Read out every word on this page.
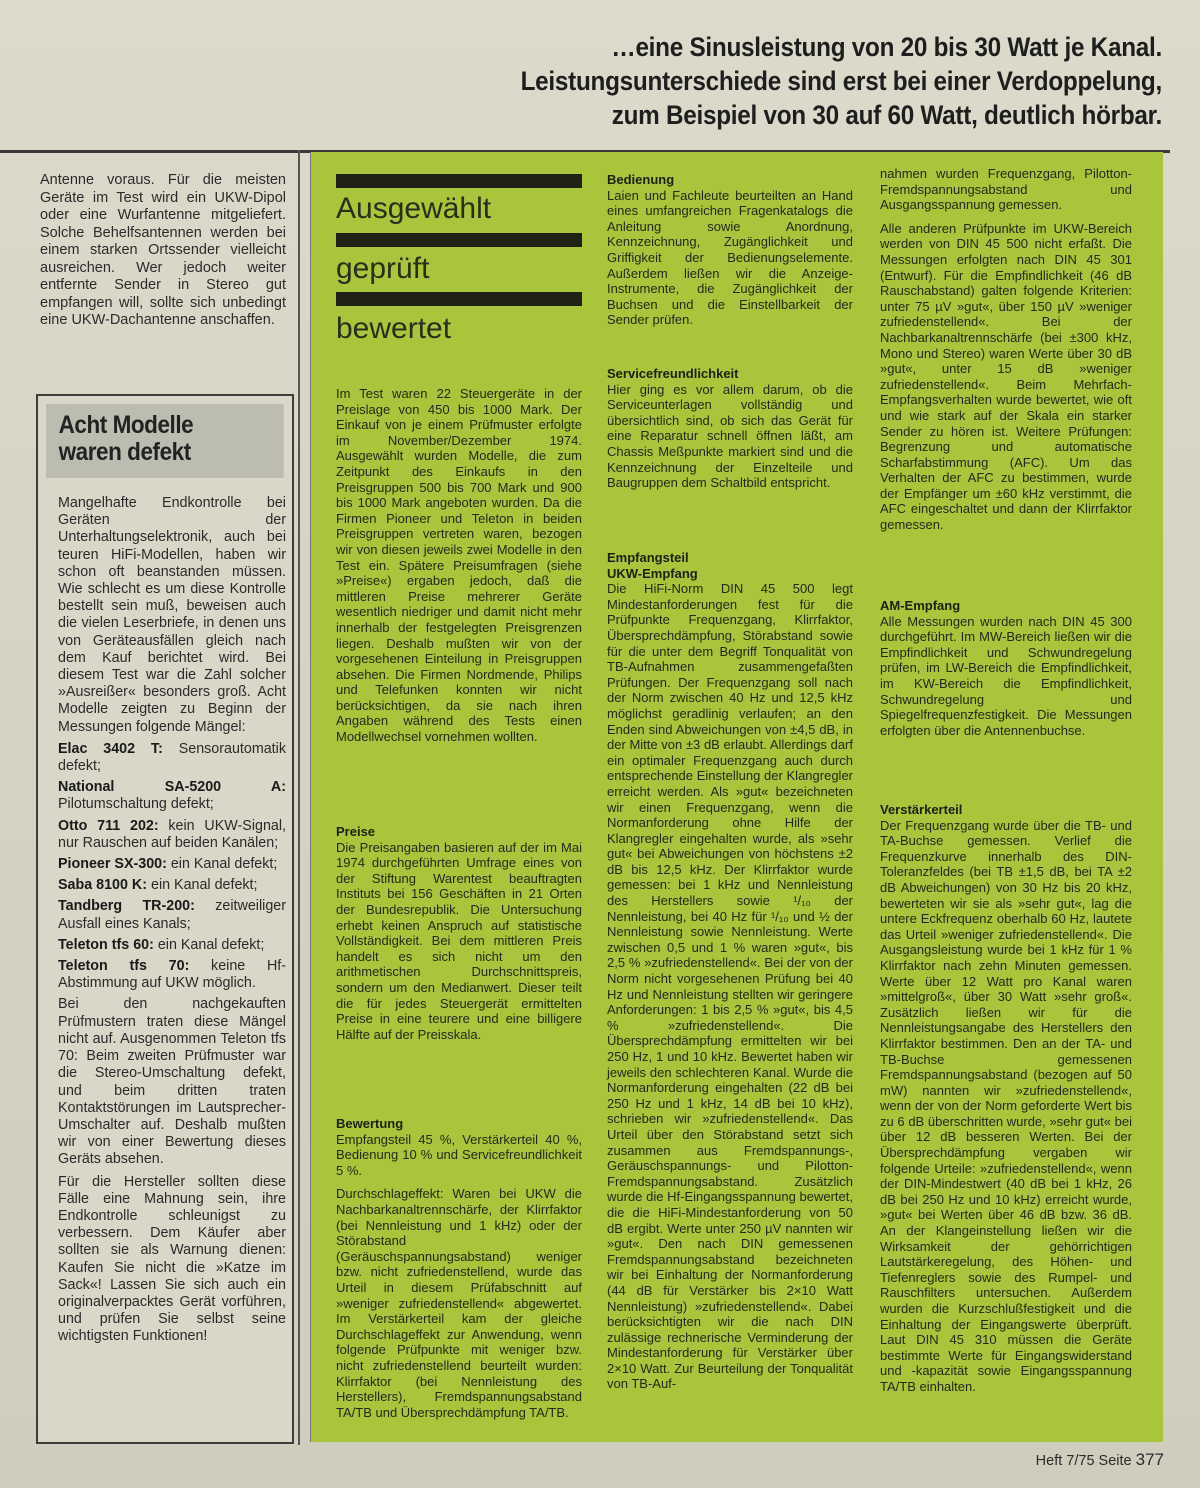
…eine Sinusleistung von 20 bis 30 Watt je Kanal.
Leistungsunterschiede sind erst bei einer Verdoppelung,
zum Beispiel von 30 auf 60 Watt, deutlich hörbar.
Antenne voraus. Für die meisten Geräte im Test wird ein UKW-Dipol oder eine Wurfantenne mitgeliefert. Solche Behelfsantennen werden bei einem starken Ortssender vielleicht ausreichen. Wer jedoch weiter entfernte Sender in Stereo gut empfangen will, sollte sich unbedingt eine UKW-Dachantenne anschaffen.
Acht Modelle
waren defekt

Mangelhafte Endkontrolle bei Geräten der Unterhaltungselektronik, auch bei teuren HiFi-Modellen, haben wir schon oft beanstanden müssen. Wie schlecht es um diese Kontrolle bestellt sein muß, beweisen auch die vielen Leserbriefe, in denen uns von Geräteausfällen gleich nach dem Kauf berichtet wird. Bei diesem Test war die Zahl solcher »Ausreißer« besonders groß. Acht Modelle zeigten zu Beginn der Messungen folgende Mängel:

Elac 3402 T: Sensorautomatik defekt;

National SA-5200 A: Pilotumschaltung defekt;

Otto 711 202: kein UKW-Signal, nur Rauschen auf beiden Kanälen;

Pioneer SX-300: ein Kanal defekt;

Saba 8100 K: ein Kanal defekt;

Tandberg TR-200: zeitweiliger Ausfall eines Kanals;

Teleton tfs 60: ein Kanal defekt;

Teleton tfs 70: keine Hf-Abstimmung auf UKW möglich.

Bei den nachgekauften Prüfmustern traten diese Mängel nicht auf. Ausgenommen Teleton tfs 70: Beim zweiten Prüfmuster war die Stereo-Umschaltung defekt, und beim dritten traten Kontaktstörungen im Lautsprecher-Umschalter auf. Deshalb mußten wir von einer Bewertung dieses Geräts absehen.

Für die Hersteller sollten diese Fälle eine Mahnung sein, ihre Endkontrolle schleunigst zu verbessern. Dem Käufer aber sollten sie als Warnung dienen: Kaufen Sie nicht die »Katze im Sack«! Lassen Sie sich auch ein originalverpacktes Gerät vorführen, und prüfen Sie selbst seine wichtigsten Funktionen!

Ausgewählt
geprüft
bewertet

Im Test waren 22 Steuergeräte in der Preislage von 450 bis 1000 Mark. Der Einkauf von je einem Prüfmuster erfolgte im November/Dezember 1974. Ausgewählt wurden Modelle, die zum Zeitpunkt des Einkaufs in den Preisgruppen 500 bis 700 Mark und 900 bis 1000 Mark angeboten wurden. Da die Firmen Pioneer und Teleton in beiden Preisgruppen vertreten waren, bezogen wir von diesen jeweils zwei Modelle in den Test ein. Spätere Preisumfragen (siehe »Preise«) ergaben jedoch, daß die mittleren Preise mehrerer Geräte wesentlich niedriger und damit nicht mehr innerhalb der festgelegten Preisgrenzen liegen. Deshalb mußten wir von der vorgesehenen Einteilung in Preisgruppen absehen. Die Firmen Nordmende, Philips und Telefunken konnten wir nicht berücksichtigen, da sie nach ihren Angaben während des Tests einen Modellwechsel vornehmen wollten.

Preise

Die Preisangaben basieren auf der im Mai 1974 durchgeführten Umfrage eines von der Stiftung Warentest beauftragten Instituts bei 156 Geschäften in 21 Orten der Bundesrepublik. Die Untersuchung erhebt keinen Anspruch auf statistische Vollständigkeit. Bei dem mittleren Preis handelt es sich nicht um den arithmetischen Durchschnittspreis, sondern um den Medianwert. Dieser teilt die für jedes Steuergerät ermittelten Preise in eine teurere und eine billigere Hälfte auf der Preisskala.

Bewertung

Empfangsteil 45 %, Verstärkerteil 40 %, Bedienung 10 % und Servicefreundlichkeit 5 %.

Durchschlageffekt: Waren bei UKW die Nachbarkanaltrennschärfe, der Klirrfaktor (bei Nennleistung und 1 kHz) oder der Störabstand (Geräuschspannungsabstand) weniger bzw. nicht zufriedenstellend, wurde das Urteil in diesem Prüfabschnitt auf »weniger zufriedenstellend« abgewertet. Im Verstärkerteil kam der gleiche Durchschlageffekt zur Anwendung, wenn folgende Prüfpunkte mit weniger bzw. nicht zufriedenstellend beurteilt wurden: Klirrfaktor (bei Nennleistung des Herstellers), Fremdspannungsabstand TA/TB und Übersprechdämpfung TA/TB.

Bedienung

Laien und Fachleute beurteilten an Hand eines umfangreichen Fragenkatalogs die Anleitung sowie Anordnung, Kennzeichnung, Zugänglichkeit und Griffigkeit der Bedienungselemente. Außerdem ließen wir die Anzeige-Instrumente, die Zugänglichkeit der Buchsen und die Einstellbarkeit der Sender prüfen.

Servicefreundlichkeit

Hier ging es vor allem darum, ob die Serviceunterlagen vollständig und übersichtlich sind, ob sich das Gerät für eine Reparatur schnell öffnen läßt, am Chassis Meßpunkte markiert sind und die Kennzeichnung der Einzelteile und Baugruppen dem Schaltbild entspricht.

Empfangsteil
UKW-Empfang

Die HiFi-Norm DIN 45 500 legt Mindestanforderungen fest für die Prüfpunkte Frequenzgang, Klirrfaktor, Übersprechdämpfung, Störabstand sowie für die unter dem Begriff Tonqualität von TB-Aufnahmen zusammengefaßten Prüfungen. Der Frequenzgang soll nach der Norm zwischen 40 Hz und 12,5 kHz möglichst geradlinig verlaufen; an den Enden sind Abweichungen von ±4,5 dB, in der Mitte von ±3 dB erlaubt. Allerdings darf ein optimaler Frequenzgang auch durch entsprechende Einstellung der Klangregler erreicht werden. Als »gut« bezeichneten wir einen Frequenzgang, wenn die Normanforderung ohne Hilfe der Klangregler eingehalten wurde, als »sehr gut« bei Abweichungen von höchstens ±2 dB bis 12,5 kHz. Der Klirrfaktor wurde gemessen: bei 1 kHz und Nennleistung des Herstellers sowie ¹/₁₀ der Nennleistung, bei 40 Hz für ¹/₁₀ und ½ der Nennleistung sowie Nennleistung. Werte zwischen 0,5 und 1 % waren »gut«, bis 2,5 % »zufriedenstellend«. Bei der von der Norm nicht vorgesehenen Prüfung bei 40 Hz und Nennleistung stellten wir geringere Anforderungen: 1 bis 2,5 % »gut«, bis 4,5 % »zufriedenstellend«. Die Übersprechdämpfung ermittelten wir bei 250 Hz, 1 und 10 kHz. Bewertet haben wir jeweils den schlechteren Kanal. Wurde die Normanforderung eingehalten (22 dB bei 250 Hz und 1 kHz, 14 dB bei 10 kHz), schrieben wir »zufriedenstellend«. Das Urteil über den Störabstand setzt sich zusammen aus Fremdspannungs-, Geräuschspannungs- und Pilotton-Fremdspannungsabstand. Zusätzlich wurde die Hf-Eingangsspannung bewertet, die die HiFi-Mindestanforderung von 50 dB ergibt. Werte unter 250 µV nannten wir »gut«. Den nach DIN gemessenen Fremdspannungsabstand bezeichneten wir bei Einhaltung der Normanforderung (44 dB für Verstärker bis 2×10 Watt Nennleistung) »zufriedenstellend«. Dabei berücksichtigten wir die nach DIN zulässige rechnerische Verminderung der Mindestanforderung für Verstärker über 2×10 Watt. Zur Beurteilung der Tonqualität von TB-Auf-

nahmen wurden Frequenzgang, Pilotton-Fremdspannungsabstand und Ausgangsspannung gemessen.

Alle anderen Prüfpunkte im UKW-Bereich werden von DIN 45 500 nicht erfaßt. Die Messungen erfolgten nach DIN 45 301 (Entwurf). Für die Empfindlichkeit (46 dB Rauschabstand) galten folgende Kriterien: unter 75 µV »gut«, über 150 µV »weniger zufriedenstellend«. Bei der Nachbarkanaltrennschärfe (bei ±300 kHz, Mono und Stereo) waren Werte über 30 dB »gut«, unter 15 dB »weniger zufriedenstellend«. Beim Mehrfach-Empfangsverhalten wurde bewertet, wie oft und wie stark auf der Skala ein starker Sender zu hören ist. Weitere Prüfungen: Begrenzung und automatische Scharfabstimmung (AFC). Um das Verhalten der AFC zu bestimmen, wurde der Empfänger um ±60 kHz verstimmt, die AFC eingeschaltet und dann der Klirrfaktor gemessen.

AM-Empfang

Alle Messungen wurden nach DIN 45 300 durchgeführt. Im MW-Bereich ließen wir die Empfindlichkeit und Schwundregelung prüfen, im LW-Bereich die Empfindlichkeit, im KW-Bereich die Empfindlichkeit, Schwundregelung und Spiegelfrequenzfestigkeit. Die Messungen erfolgten über die Antennenbuchse.

Verstärkerteil

Der Frequenzgang wurde über die TB- und TA-Buchse gemessen. Verlief die Frequenzkurve innerhalb des DIN-Toleranzfeldes (bei TB ±1,5 dB, bei TA ±2 dB Abweichungen) von 30 Hz bis 20 kHz, bewerteten wir sie als »sehr gut«, lag die untere Eckfrequenz oberhalb 60 Hz, lautete das Urteil »weniger zufriedenstellend«. Die Ausgangsleistung wurde bei 1 kHz für 1 % Klirrfaktor nach zehn Minuten gemessen. Werte über 12 Watt pro Kanal waren »mittelgroß«, über 30 Watt »sehr groß«. Zusätzlich ließen wir für die Nennleistungsangabe des Herstellers den Klirrfaktor bestimmen. Den an der TA- und TB-Buchse gemessenen Fremdspannungsabstand (bezogen auf 50 mW) nannten wir »zufriedenstellend«, wenn der von der Norm geforderte Wert bis zu 6 dB überschritten wurde, »sehr gut« bei über 12 dB besseren Werten. Bei der Übersprechdämpfung vergaben wir folgende Urteile: »zufriedenstellend«, wenn der DIN-Mindestwert (40 dB bei 1 kHz, 26 dB bei 250 Hz und 10 kHz) erreicht wurde, »gut« bei Werten über 46 dB bzw. 36 dB. An der Klangeinstellung ließen wir die Wirksamkeit der gehörrichtigen Lautstärkeregelung, des Höhen- und Tiefenreglers sowie des Rumpel- und Rauschfilters untersuchen. Außerdem wurden die Kurzschlußfestigkeit und die Einhaltung der Eingangswerte überprüft. Laut DIN 45 310 müssen die Geräte bestimmte Werte für Eingangswiderstand und -kapazität sowie Eingangsspannung TA/TB einhalten.

Heft 7/75 Seite 377
